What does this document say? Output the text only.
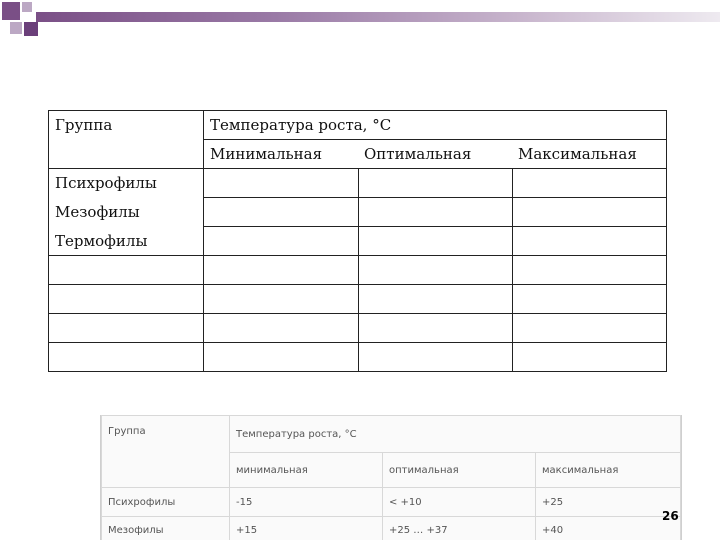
Группа	Температура роста, °С		
	Минимальная	Оптимальная	Максимальная
Психрофилы			
Мезофилы			
Термофилы			

Группа	Температура роста, °С		
	минимальная	оптимальная	максимальная
Психрофилы	-15	< +10	+25
Мезофилы	+15	+25 … +37	+40
26
